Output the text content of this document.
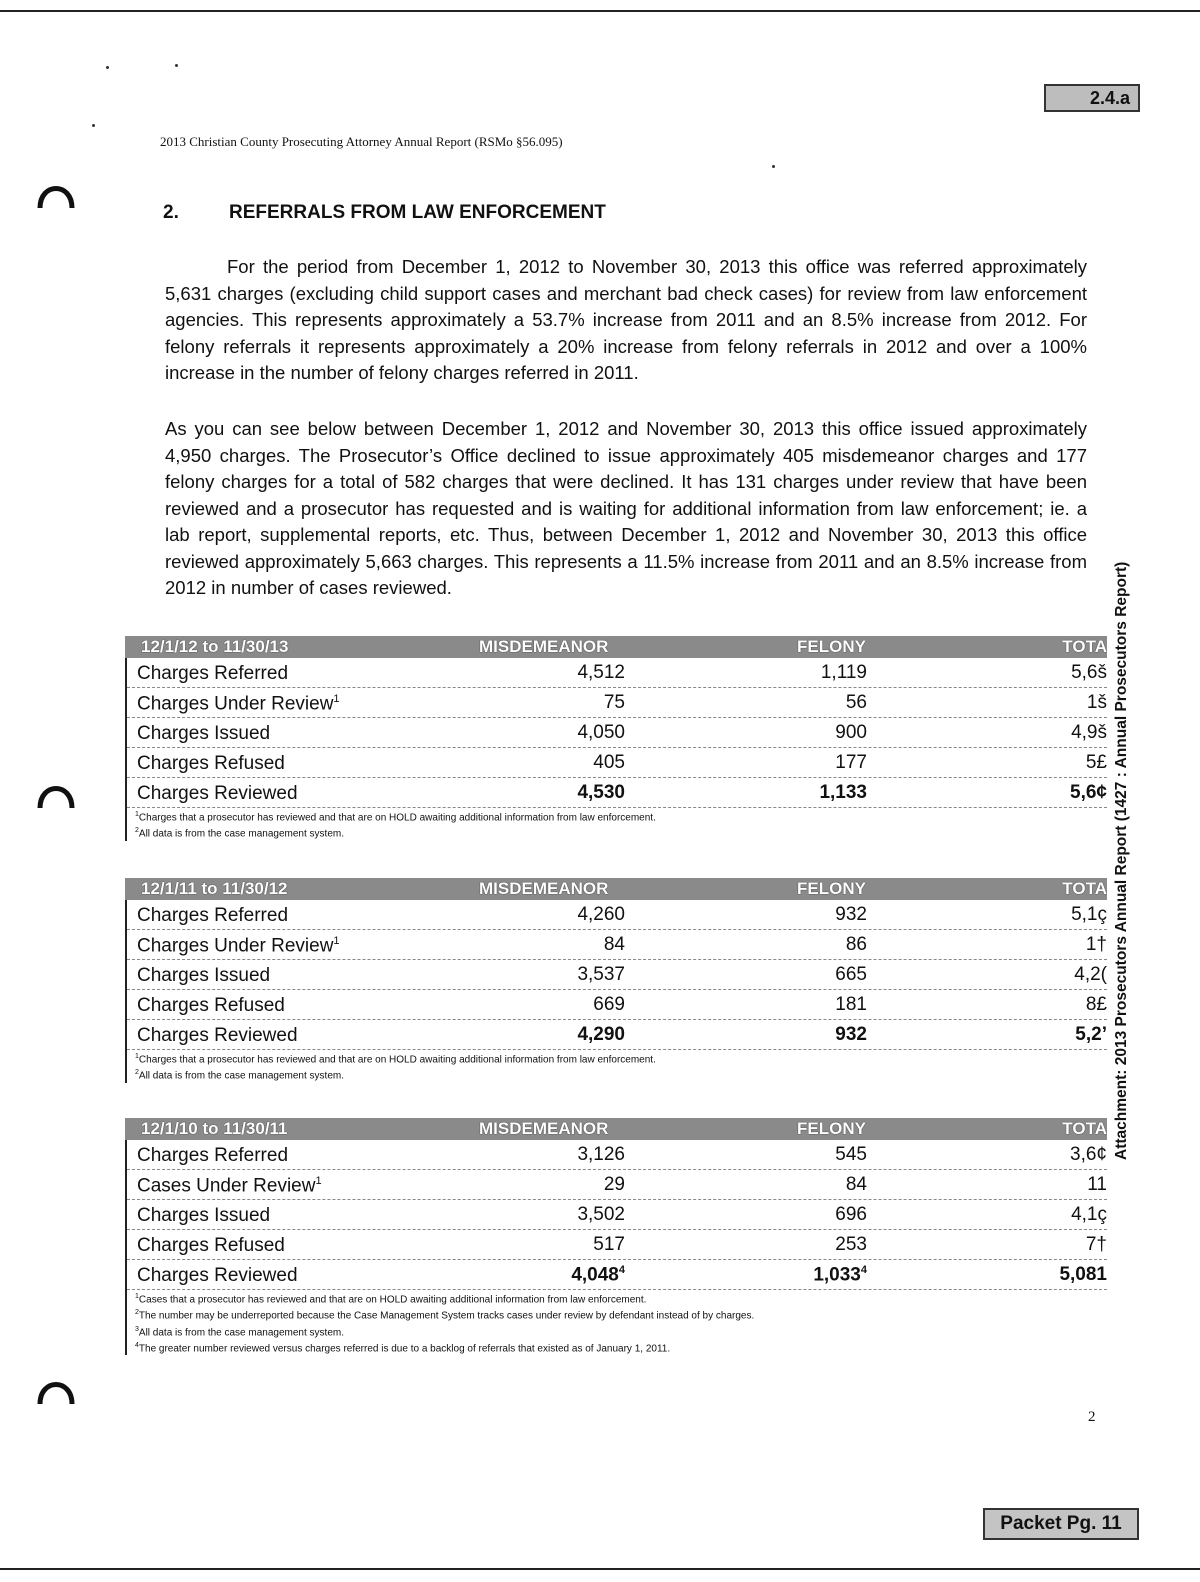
2.4.a
2013 Christian County Prosecuting Attorney Annual Report (RSMo §56.095)
2.	REFERRALS FROM LAW ENFORCEMENT
For the period from December 1, 2012 to November 30, 2013 this office was referred approximately 5,631 charges (excluding child support cases and merchant bad check cases) for review from law enforcement agencies. This represents approximately a 53.7% increase from 2011 and an 8.5% increase from 2012. For felony referrals it represents approximately a 20% increase from felony referrals in 2012 and over a 100% increase in the number of felony charges referred in 2011.
As you can see below between December 1, 2012 and November 30, 2013 this office issued approximately 4,950 charges. The Prosecutor’s Office declined to issue approximately 405 misdemeanor charges and 177 felony charges for a total of 582 charges that were declined. It has 131 charges under review that have been reviewed and a prosecutor has requested and is waiting for additional information from law enforcement; ie. a lab report, supplemental reports, etc. Thus, between December 1, 2012 and November 30, 2013 this office reviewed approximately 5,663 charges. This represents a 11.5% increase from 2011 and an 8.5% increase from 2012 in number of cases reviewed.
12/1/12 to 11/30/13	MISDEMEANOR	FELONY	TOTA
Charges Referred	4,512	1,119	5,6š
Charges Under Review$^1$	75	56	1š
Charges Issued	4,050	900	4,9š
Charges Refused	405	177	5£
Charges Reviewed	4,530	1,133	5,6¢
$^1$Charges that a prosecutor has reviewed and that are on HOLD awaiting additional information from law enforcement.
$^2$All data is from the case management system.
12/1/11 to 11/30/12	MISDEMEANOR	FELONY	TOTA
Charges Referred	4,260	932	5,1ç
Charges Under Review$^1$	84	86	1†
Charges Issued	3,537	665	4,2(
Charges Refused	669	181	8£
Charges Reviewed	4,290	932	5,2’
$^1$Charges that a prosecutor has reviewed and that are on HOLD awaiting additional information from law enforcement.
$^2$All data is from the case management system.
12/1/10 to 11/30/11	MISDEMEANOR	FELONY	TOTA
Charges Referred	3,126	545	3,6¢
Cases Under Review$^1$	29	84	11
Charges Issued	3,502	696	4,1ç
Charges Refused	517	253	7†
Charges Reviewed	4,048$^4$	1,033$^4$	5,081
$^1$Cases that a prosecutor has reviewed and that are on HOLD awaiting additional information from law enforcement.
$^2$The number may be underreported because the Case Management System tracks cases under review by defendant instead of by charges.
$^3$All data is from the case management system.
$^4$The greater number reviewed versus charges referred is due to a backlog of referrals that existed as of January 1, 2011.
Attachment: 2013 Prosecutors Annual Report (1427 : Annual Prosecutors Report)
2
Packet Pg. 11
